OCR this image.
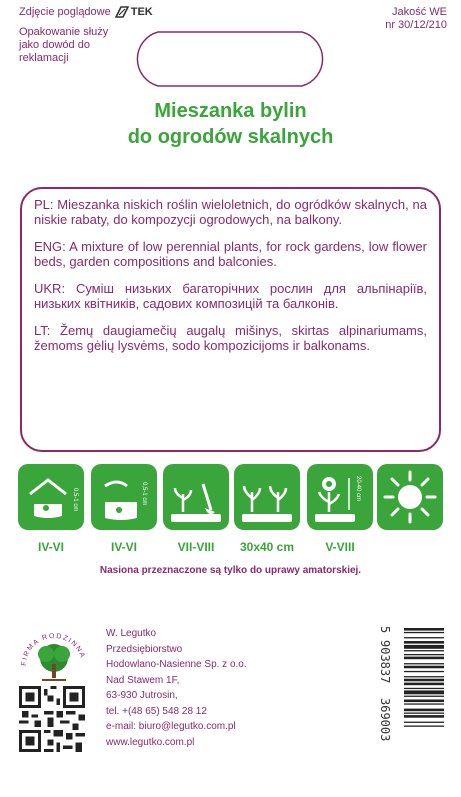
Zdjęcie poglądowe TEK
Opakowanie służy jako dowód do reklamacji
Jakość WE
nr 30/12/210
Mieszanka bylin
do ogrodów skalnych

PL: Mieszanka niskich roślin wieloletnich, do ogródków skalnych, na niskie rabaty, do kompozycji ogrodowych, na balkony.

ENG: A mixture of low perennial plants, for rock gardens, low flower beds, garden compositions and balconies.

UKR: Суміш низьких багаторічних рослин для альпінаріїв, низьких квітників, садових композицій та балконів.

LT: Žemų daugiamečių augalų mišinys, skirtas alpinariumams, žemoms gėlių lysvėms, sodo kompozicijoms ir balkonams.

0,5-1 cm	0,5-1 cm	20-40 cm
IV-VI	IV-VI	VII-VIII	30x40 cm	V-VIII
Nasiona przeznaczone są tylko do uprawy amatorskiej.
FIRMA RODZINNA
W. Legutko
Przedsiębiorstwo
Hodowlano-Nasienne Sp. z o.o.
Nad Stawem 1F,
63-930 Jutrosin,
tel. +(48 65) 548 28 12
e-mail: biuro@legutko.com.pl
www.legutko.com.pl
5
903837
369003
